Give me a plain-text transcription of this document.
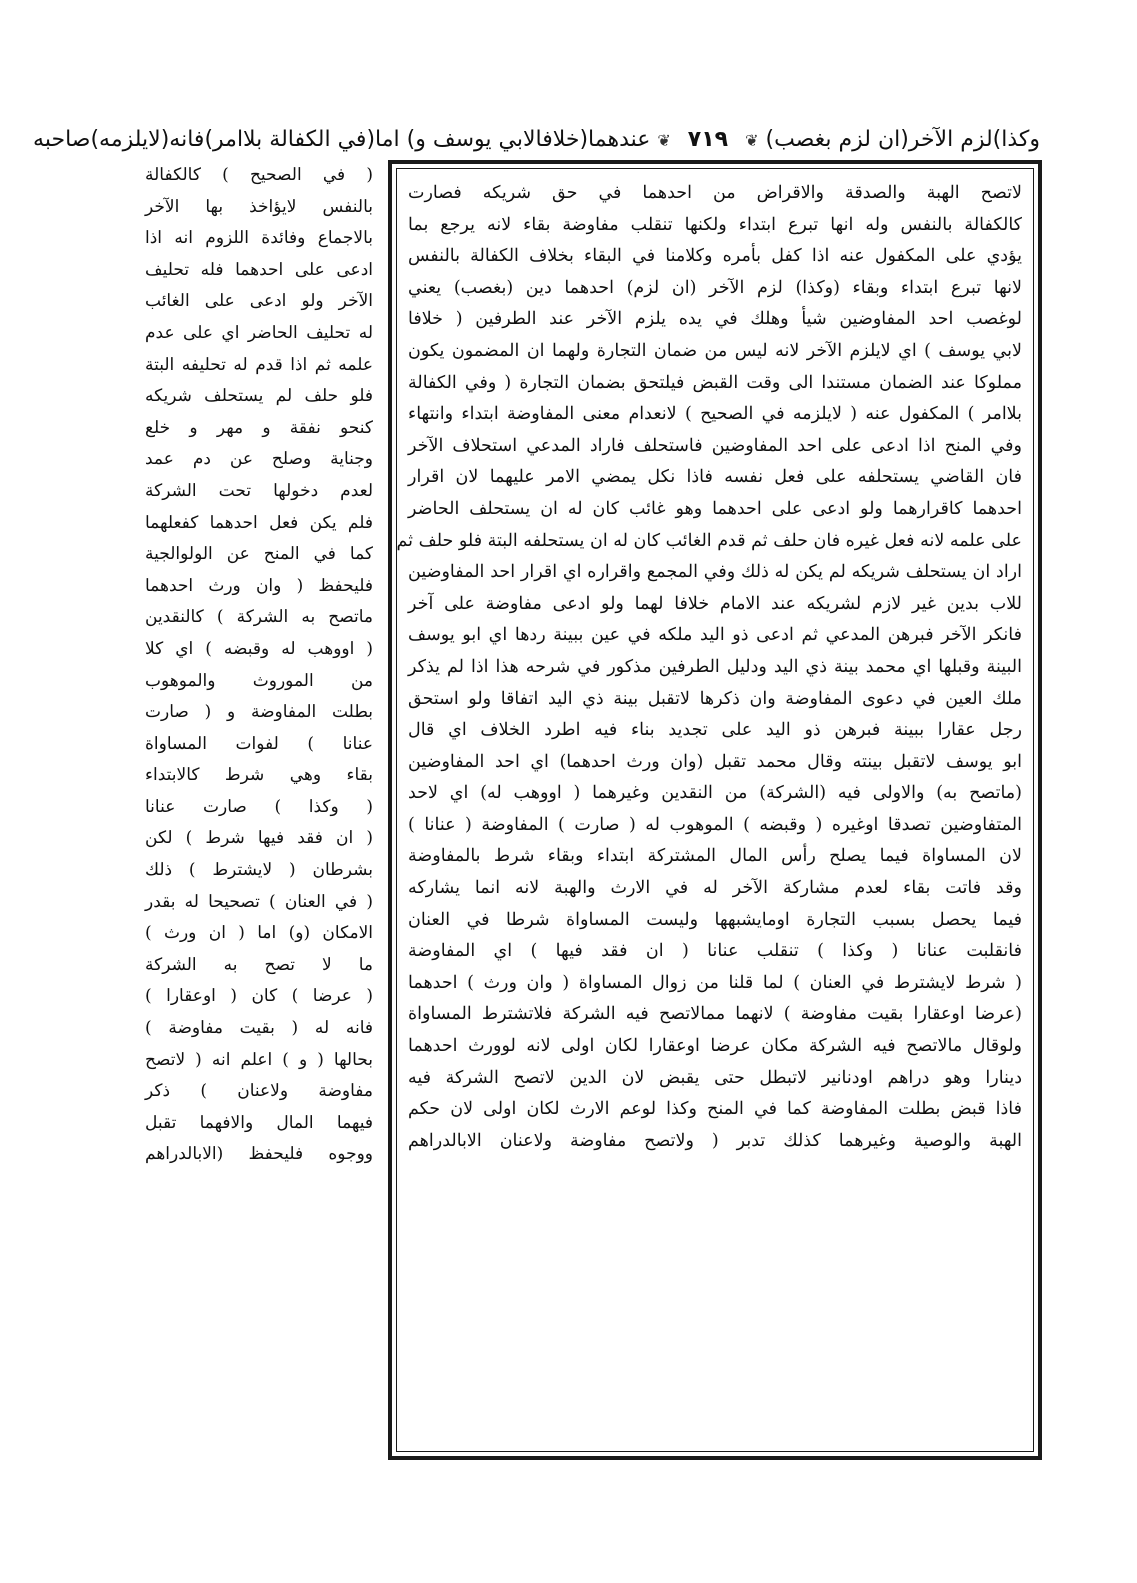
وكذا)لزم الآخر(ان لزم بغصب) ❦ ٧١٩ ❦ عندهما(خلافالابي يوسف و) اما(في الكفالة بلاامر)فانه(لايلزمه)صاحبه
لاتصح الهبة والصدقة والاقراض من احدهما في حق شريكه فصارت
كالكفالة بالنفس وله انها تبرع ابتداء ولكنها تنقلب مفاوضة بقاء لانه يرجع بما
يؤدي على المكفول عنه اذا كفل بأمره وكلامنا في البقاء بخلاف الكفالة بالنفس
لانها تبرع ابتداء وبقاء (وكذا) لزم الآخر (ان لزم) احدهما دين (بغصب) يعني
لوغصب احد المفاوضين شيأ وهلك في يده يلزم الآخر عند الطرفين ( خلافا
لابي يوسف ) اي لايلزم الآخر لانه ليس من ضمان التجارة ولهما ان المضمون يكون
مملوكا عند الضمان مستندا الى وقت القبض فيلتحق بضمان التجارة ( وفي الكفالة
بلاامر ) المكفول عنه ( لايلزمه في الصحيح ) لانعدام معنى المفاوضة ابتداء وانتهاء
وفي المنح اذا ادعى على احد المفاوضين فاستحلف فاراد المدعي استحلاف الآخر
فان القاضي يستحلفه على فعل نفسه فاذا نكل يمضي الامر عليهما لان اقرار
احدهما كاقرارهما ولو ادعى على احدهما وهو غائب كان له ان يستحلف الحاضر
على علمه لانه فعل غيره فان حلف ثم قدم الغائب كان له ان يستحلفه البتة فلو حلف ثم
اراد ان يستحلف شريكه لم يكن له ذلك وفي المجمع واقراره اي اقرار احد المفاوضين
للاب بدين غير لازم لشريكه عند الامام خلافا لهما ولو ادعى مفاوضة على آخر
فانكر الآخر فبرهن المدعي ثم ادعى ذو اليد ملكه في عين ببينة ردها اي ابو يوسف
البينة وقبلها اي محمد بينة ذي اليد ودليل الطرفين مذكور في شرحه هذا اذا لم يذكر
ملك العين في دعوى المفاوضة وان ذكرها لاتقبل بينة ذي اليد اتفاقا ولو استحق
رجل عقارا ببينة فبرهن ذو اليد على تجديد بناء فيه اطرد الخلاف اي قال
ابو يوسف لاتقبل بينته وقال محمد تقبل (وان ورث احدهما) اي احد المفاوضين
(ماتصح به) والاولى فيه (الشركة) من النقدين وغيرهما ( اووهب له) اي لاحد
المتفاوضين تصدقا اوغيره ( وقبضه ) الموهوب له ( صارت ) المفاوضة ( عنانا )
لان المساواة فيما يصلح رأس المال المشتركة ابتداء وبقاء شرط بالمفاوضة
وقد فاتت بقاء لعدم مشاركة الآخر له في الارث والهبة لانه انما يشاركه
فيما يحصل بسبب التجارة اومايشبهها وليست المساواة شرطا في العنان
فانقلبت عنانا ( وكذا ) تنقلب عنانا ( ان فقد فيها ) اي المفاوضة
( شرط لايشترط في العنان ) لما قلنا من زوال المساواة ( وان ورث ) احدهما
(عرضا اوعقارا بقيت مفاوضة ) لانهما ممالاتصح فيه الشركة فلاتشترط المساواة
ولوقال مالاتصح فيه الشركة مكان عرضا اوعقارا لكان اولى لانه لوورث احدهما
دينارا وهو دراهم اودنانير لاتبطل حتى يقبض لان الدين لاتصح الشركة فيه
فاذا قبض بطلت المفاوضة كما في المنح وكذا لوعم الارث لكان اولى لان حكم
الهبة والوصية وغيرهما كذلك تدبر ( ولاتصح مفاوضة ولاعنان الابالدراهم
( في الصحيح ) كالكفالة
بالنفس لايؤاخذ بها الآخر
بالاجماع وفائدة اللزوم انه اذا
ادعى على احدهما فله تحليف
الآخر ولو ادعى على الغائب
له تحليف الحاضر اي على عدم
علمه ثم اذا قدم له تحليفه البتة
فلو حلف لم يستحلف شريكه
كنحو نفقة و مهر و خلع
وجناية وصلح عن دم عمد
لعدم دخولها تحت الشركة
فلم يكن فعل احدهما كفعلهما
كما في المنح عن الولوالجية
فليحفظ ( وان ورث احدهما
ماتصح به الشركة ) كالنقدين
( اووهب له وقبضه ) اي كلا
من الموروث والموهوب
بطلت المفاوضة و ( صارت
عنانا ) لفوات المساواة
بقاء وهي شرط كالابتداء
( وكذا ) صارت عنانا
( ان فقد فيها شرط ) لكن
بشرطان ( لايشترط ) ذلك
( في العنان ) تصحيحا له بقدر
الامكان (و) اما ( ان ورث )
ما لا تصح به الشركة
( عرضا ) كان ( اوعقارا )
فانه له ( بقيت مفاوضة )
بحالها ( و ) اعلم انه ( لاتصح
مفاوضة ولاعنان ) ذكر
فيهما المال والافهما تقبل
ووجوه فليحفظ (الابالدراهم
